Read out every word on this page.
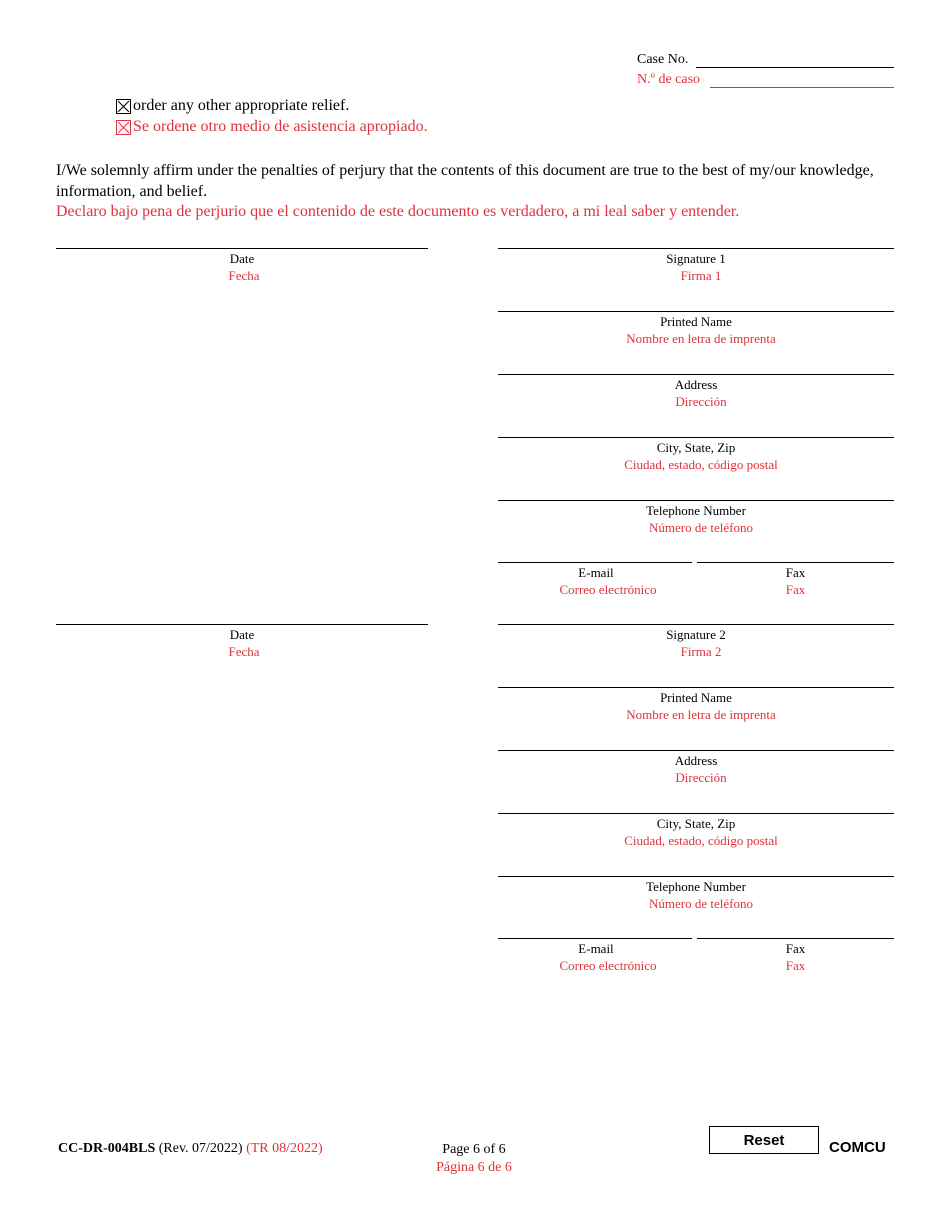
Case No.
N.º de caso
order any other appropriate relief.
Se ordene otro medio de asistencia apropiado.
I/We solemnly affirm under the penalties of perjury that the contents of this document are true to the best of my/our knowledge, information, and belief.
Declaro bajo pena de perjurio que el contenido de este documento es verdadero, a mi leal saber y entender.
Date
Fecha
Signature 1
Firma 1
Printed Name
Nombre en letra de imprenta
Address
Dirección
City, State, Zip
Ciudad, estado, código postal
Telephone Number
Número de teléfono
E-mail
Correo electrónico
Fax
Fax
Date
Fecha
Signature 2
Firma 2
Printed Name
Nombre en letra de imprenta
Address
Dirección
City, State, Zip
Ciudad, estado, código postal
Telephone Number
Número de teléfono
E-mail
Correo electrónico
Fax
Fax
CC-DR-004BLS (Rev. 07/2022) (TR 08/2022)	Page 6 of 6
Página 6 de 6
Reset	COMCU
